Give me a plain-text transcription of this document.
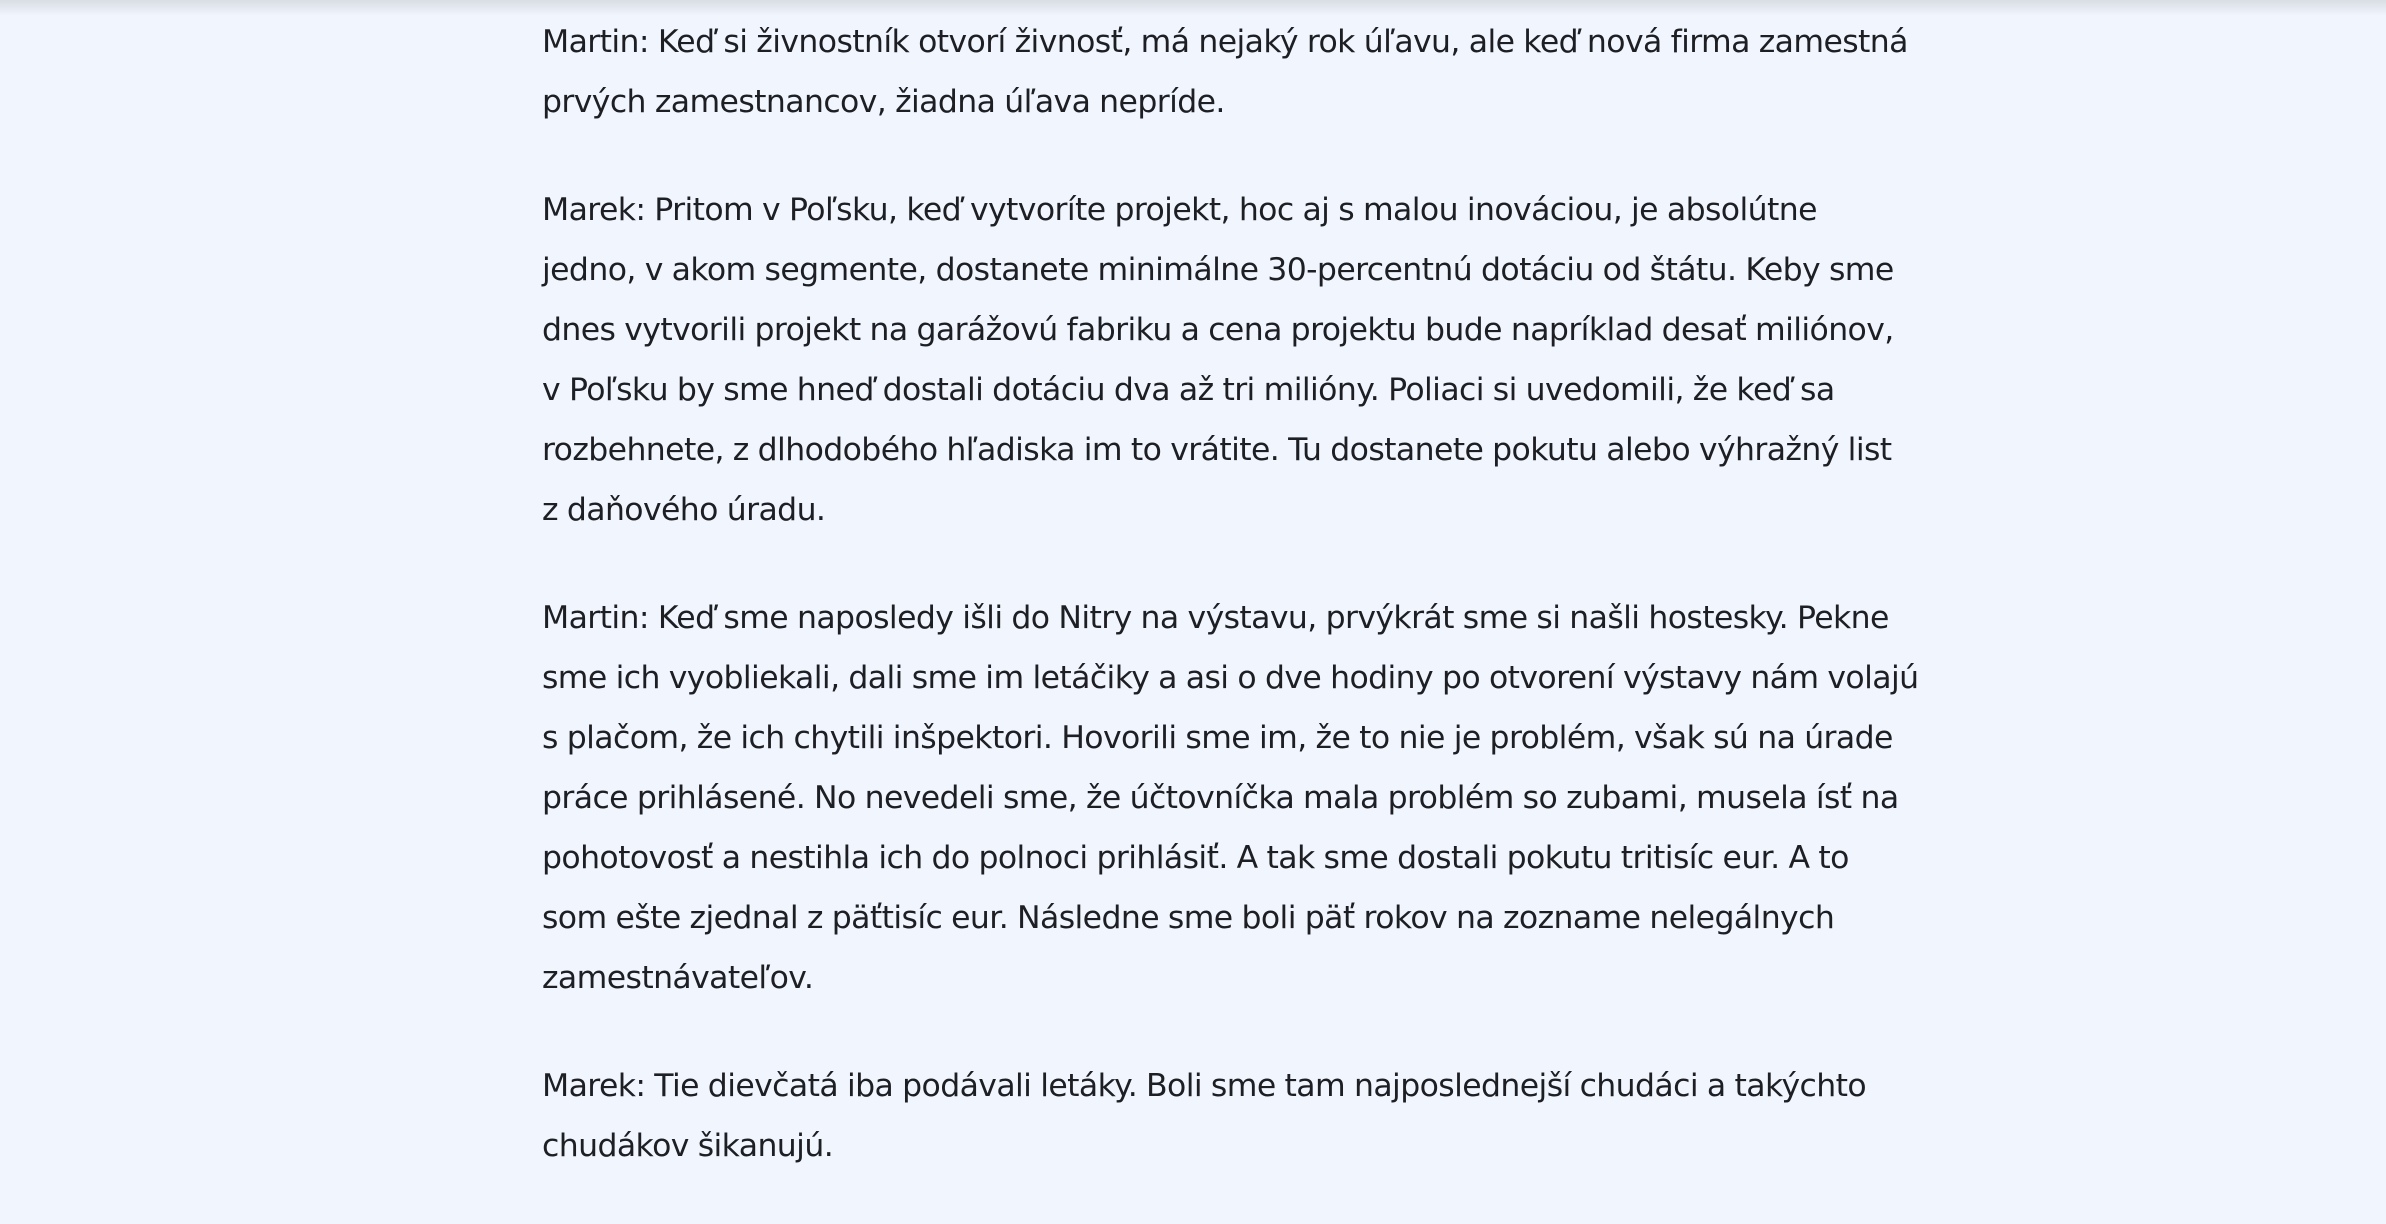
Martin: Keď si živnostník otvorí živnosť, má nejaký rok úľavu, ale keď nová firma zamestná
prvých zamestnancov, žiadna úľava nepríde.

Marek: Pritom v Poľsku, keď vytvoríte projekt, hoc aj s malou inováciou, je absolútne
jedno, v akom segmente, dostanete minimálne 30-percentnú dotáciu od štátu. Keby sme
dnes vytvorili projekt na garážovú fabriku a cena projektu bude napríklad desať miliónov,
v Poľsku by sme hneď dostali dotáciu dva až tri milióny. Poliaci si uvedomili, že keď sa
rozbehnete, z dlhodobého hľadiska im to vrátite. Tu dostanete pokutu alebo výhražný list
z daňového úradu.

Martin: Keď sme naposledy išli do Nitry na výstavu, prvýkrát sme si našli hostesky. Pekne
sme ich vyobliekali, dali sme im letáčiky a asi o dve hodiny po otvorení výstavy nám volajú
s plačom, že ich chytili inšpektori. Hovorili sme im, že to nie je problém, však sú na úrade
práce prihlásené. No nevedeli sme, že účtovníčka mala problém so zubami, musela ísť na
pohotovosť a nestihla ich do polnoci prihlásiť. A tak sme dostali pokutu tritisíc eur. A to
som ešte zjednal z päťtisíc eur. Následne sme boli päť rokov na zozname nelegálnych
zamestnávateľov.

Marek: Tie dievčatá iba podávali letáky. Boli sme tam najposlednejší chudáci a takýchto
chudákov šikanujú.
